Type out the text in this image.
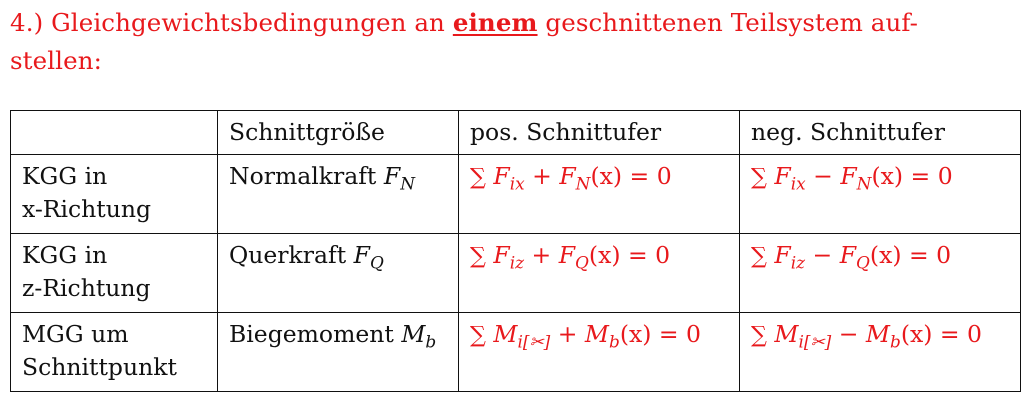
4.) Gleichgewichtsbedingungen an einem geschnittenen Teilsystem auf-
stellen:
	Schnittgröße	pos. Schnittufer	neg. Schnittufer
KGG in
x-Richtung	Normalkraft $F_N$	∑ $F_{ix} + F_N(x) = 0$	∑ $F_{ix} - F_N(x) = 0$
KGG in
z-Richtung	Querkraft $F_Q$	∑ $F_{iz} + F_Q(x) = 0$	∑ $F_{iz} - F_Q(x) = 0$
MGG um
Schnittpunkt	Biegemoment $M_b$	∑ $M_{i[✂]} + M_b(x) = 0$	∑ $M_{i[✂]} - M_b(x) = 0$
